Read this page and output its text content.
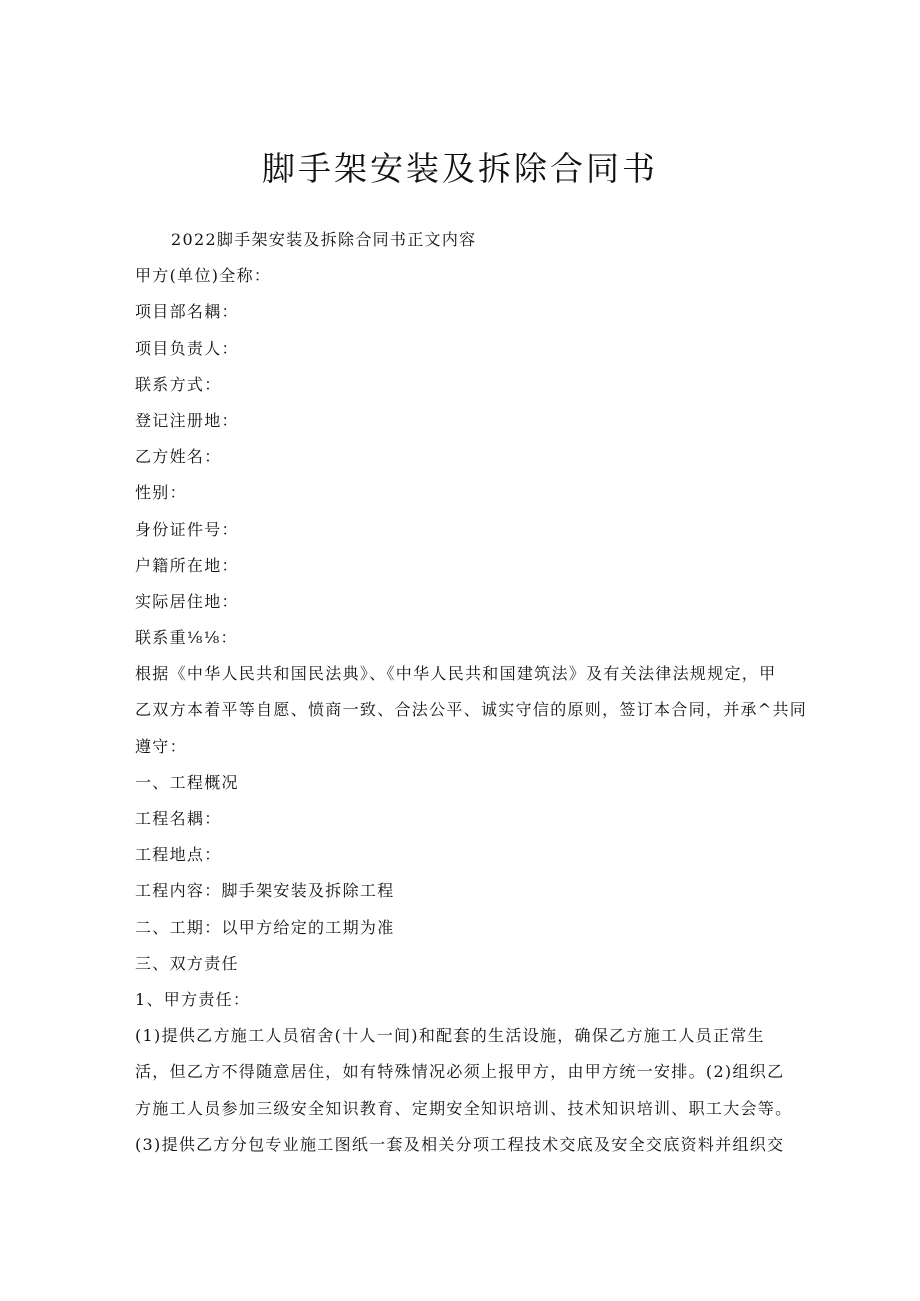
脚手架安装及拆除合同书

2022脚手架安装及拆除合同书正文内容

甲方(单位)全称：

项目部名耦：

项目负责人：

联系方式：

登记注册地：

乙方姓名：

性别：

身份证件号：

户籍所在地：

实际居住地：

联系重⅛⅛：

根据《中华人民共和国民法典》、《中华人民共和国建筑法》及有关法律法规规定，甲

乙双方本着平等自愿、愤商一致、合法公平、诚实守信的原则，签订本合同，并承^共同

遵守：

一、工程概况

工程名耦：

工程地点：

工程内容：脚手架安装及拆除工程

二、工期：以甲方给定的工期为准

三、双方责任

1、甲方责任：

(1)提供乙方施工人员宿舍(十人一间)和配套的生活设施，确保乙方施工人员正常生

活，但乙方不得随意居住，如有特殊情况必须上报甲方，由甲方统一安排。(2)组织乙

方施工人员参加三级安全知识教育、定期安全知识培训、技术知识培训、职工大会等。

(3)提供乙方分包专业施工图纸一套及相关分项工程技术交底及安全交底资料并组织交
